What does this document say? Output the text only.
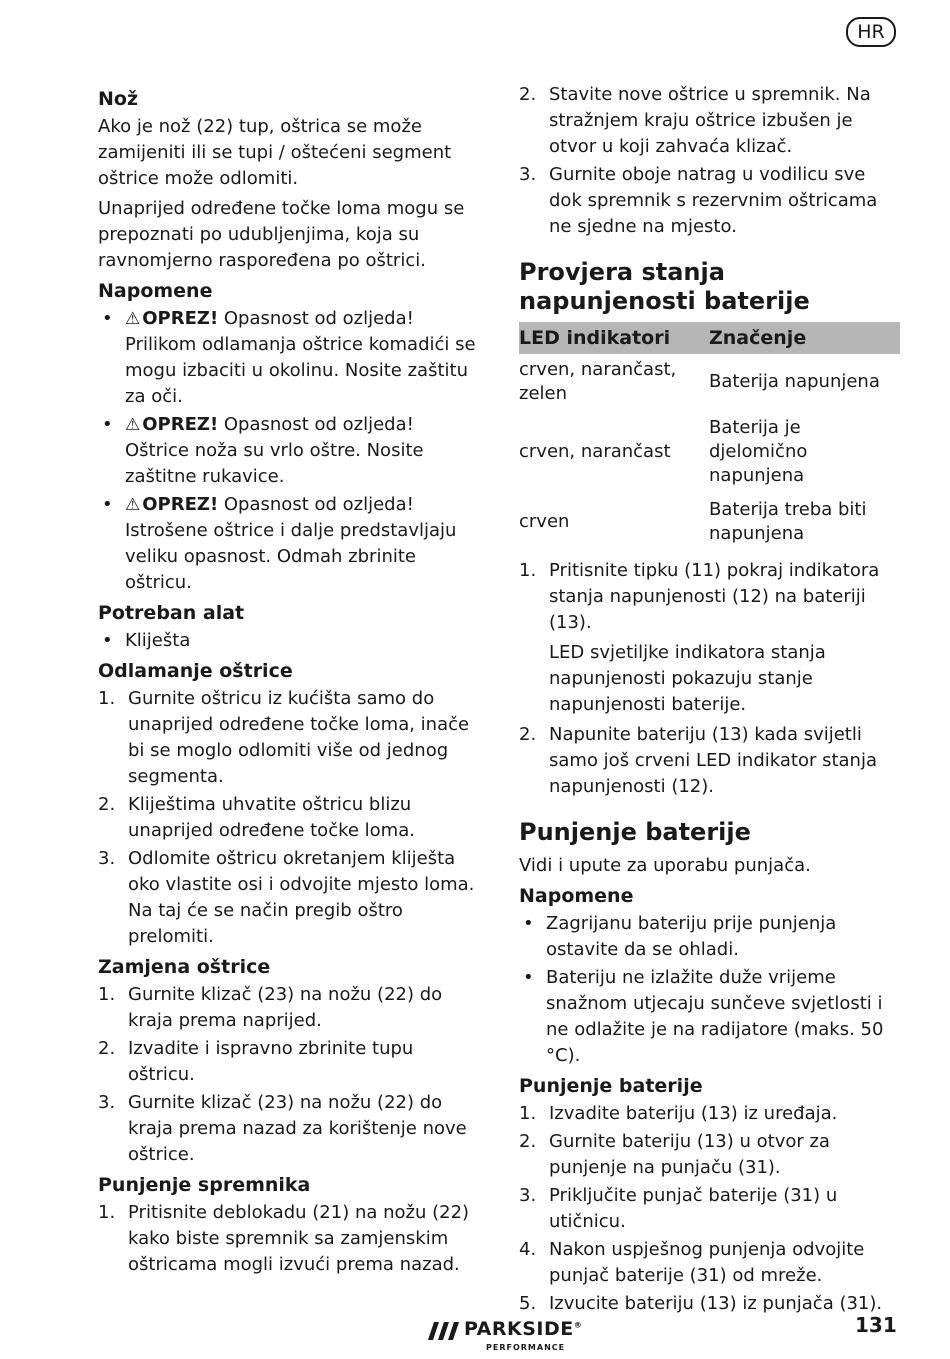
HR
Nož

Ako je nož (22) tup, oštrica se može zamijeniti ili se tupi / oštećeni segment oštrice može odlomiti.

Unaprijed određene točke loma mogu se prepoznati po udubljenjima, koja su ravnomjerno raspoređena po oštrici.

Napomene
• ⚠ OPREZ! Opasnost od ozljeda! Prilikom odlamanja oštrice komadići se mogu izbaciti u okolinu. Nosite zaštitu za oči.
• ⚠ OPREZ! Opasnost od ozljeda! Oštrice noža su vrlo oštre. Nosite zaštitne rukavice.
• ⚠ OPREZ! Opasnost od ozljeda! Istrošene oštrice i dalje predstavljaju veliku opasnost. Odmah zbrinite oštricu.
Potreban alat
• Kliješta
Odlamanje oštrice
1. Gurnite oštricu iz kućišta samo do unaprijed određene točke loma, inače bi se moglo odlomiti više od jednog segmenta.
2. Kliještima uhvatite oštricu blizu unaprijed određene točke loma.
3. Odlomite oštricu okretanjem kliješta oko vlastite osi i odvojite mjesto loma. Na taj će se način pregib oštro prelomiti.
Zamjena oštrice
1. Gurnite klizač (23) na nožu (22) do kraja prema naprijed.
2. Izvadite i ispravno zbrinite tupu oštricu.
3. Gurnite klizač (23) na nožu (22) do kraja prema nazad za korištenje nove oštrice.
Punjenje spremnika
1. Pritisnite deblokadu (21) na nožu (22) kako biste spremnik sa zamjenskim oštricama mogli izvući prema nazad.
2. Stavite nove oštrice u spremnik. Na stražnjem kraju oštrice izbušen je otvor u koji zahvaća klizač.
3. Gurnite oboje natrag u vodilicu sve dok spremnik s rezervnim oštricama ne sjedne na mjesto.
Provjera stanja napunjenosti baterije
LED indikatori	Značenje
crven, narančast, zelen	Baterija napunjena
crven, narančast	Baterija je djelomično napunjena
crven	Baterija treba biti napunjena
1. Pritisnite tipku (11) pokraj indikatora stanja napunjenosti (12) na bateriji (13).

LED svjetiljke indikatora stanja napunjenosti pokazuju stanje napunjenosti baterije.

2. Napunite bateriju (13) kada svijetli samo još crveni LED indikator stanja napunjenosti (12).
Punjenje baterije

Vidi i upute za uporabu punjača.

Napomene
• Zagrijanu bateriju prije punjenja ostavite da se ohladi.
• Bateriju ne izlažite duže vrijeme snažnom utjecaju sunčeve svjetlosti i ne odlažite je na radijatore (maks. 50 °C).
Punjenje baterije
1. Izvadite bateriju (13) iz uređaja.
2. Gurnite bateriju (13) u otvor za punjenje na punjaču (31).
3. Priključite punjač baterije (31) u utičnicu.
4. Nakon uspješnog punjenja odvojite punjač baterije (31) od mreže.
5. Izvucite bateriju (13) iz punjača (31).
PARKSIDE®
PERFORMANCE
131
